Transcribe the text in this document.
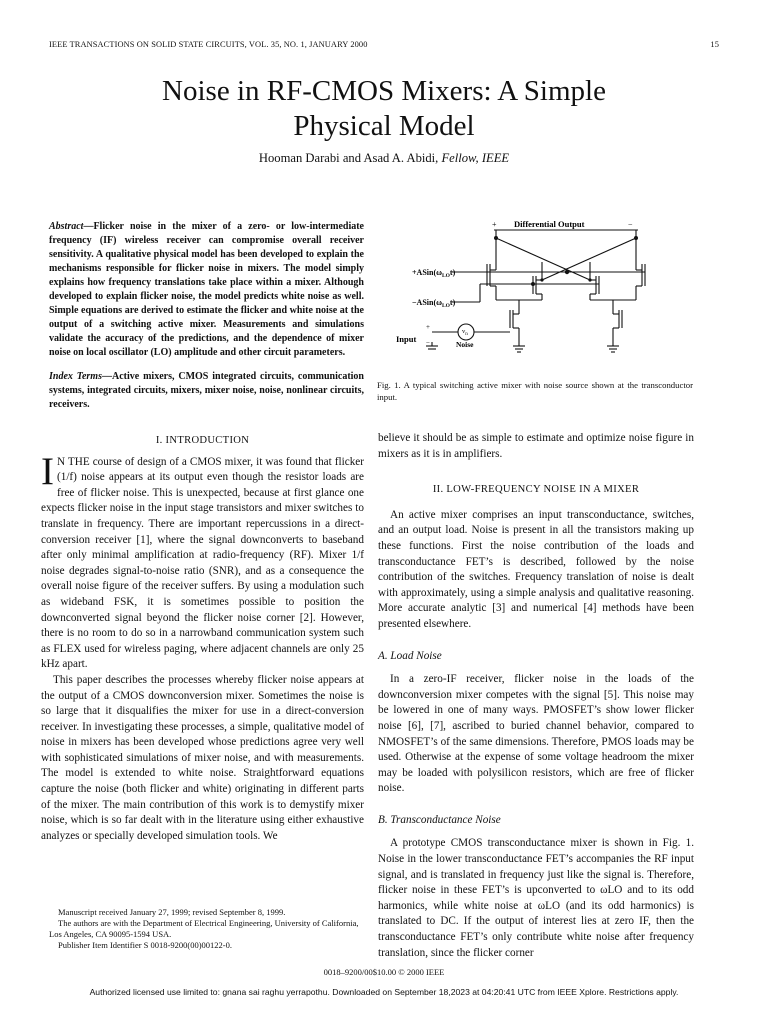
IEEE TRANSACTIONS ON SOLID STATE CIRCUITS, VOL. 35, NO. 1, JANUARY 2000	15
Noise in RF-CMOS Mixers: A Simple
Physical Model
Hooman Darabi and Asad A. Abidi, Fellow, IEEE
Abstract—Flicker noise in the mixer of a zero- or low-intermediate frequency (IF) wireless receiver can compromise overall receiver sensitivity. A qualitative physical model has been developed to explain the mechanisms responsible for flicker noise in mixers. The model simply explains how frequency translations take place within a mixer. Although developed to explain flicker noise, the model predicts white noise as well. Simple equations are derived to estimate the flicker and white noise at the output of a switching active mixer. Measurements and simulations validate the accuracy of the predictions, and the dependence of mixer noise on local oscillator (LO) amplitude and other circuit parameters.
Index Terms—Active mixers, CMOS integrated circuits, communication systems, integrated circuits, mixers, mixer noise, noise, nonlinear circuits, receivers.
$v_n$
+ Differential Output	−
$+ASin(\omega_{LO}t)$
$-ASin(\omega_{LO}t)$
+
−
Input
Noise
Fig. 1. A typical switching active mixer with noise source shown at the transconductor input.
I. INTRODUCTION

I N THE course of design of a CMOS mixer, it was found that flicker (1/f) noise appears at its output even though the resistor loads are free of flicker noise. This is unexpected, because at first glance one expects flicker noise in the input stage transistors and mixer switches to translate in frequency. There are important repercussions in a direct-conversion receiver [1], where the signal downconverts to baseband after only minimal amplification at radio-frequency (RF). Mixer 1/f noise degrades signal-to-noise ratio (SNR), and as a consequence the overall noise figure of the receiver suffers. By using a modulation such as wideband FSK, it is sometimes possible to position the downconverted signal beyond the flicker noise corner [2]. However, there is no room to do so in a narrowband communication system such as FLEX used for wireless paging, where adjacent channels are only 25 kHz apart.

This paper describes the processes whereby flicker noise appears at the output of a CMOS downconversion mixer. Sometimes the noise is so large that it disqualifies the mixer for use in a direct-conversion receiver. In investigating these processes, a simple, qualitative model of noise in mixers has been developed whose predictions agree very well with sophisticated simulations of mixer noise, and with measurements. The model is extended to white noise. Straightforward equations capture the noise (both flicker and white) originating in different parts of the mixer. The main contribution of this work is to demystify mixer noise, which is so far dealt with in the literature using either exhaustive analyzes or specially developed simulation tools. We

believe it should be as simple to estimate and optimize noise figure in mixers as it is in amplifiers.

II. LOW-FREQUENCY NOISE IN A MIXER

An active mixer comprises an input transconductance, switches, and an output load. Noise is present in all the transistors making up these functions. First the noise contribution of the loads and transconductance FET’s is described, followed by the noise contribution of the switches. Frequency translation of noise is dealt with approximately, using a simple analysis and qualitative reasoning. More accurate analytic [3] and numerical [4] methods have been presented elsewhere.

A. Load Noise

In a zero-IF receiver, flicker noise in the loads of the downconversion mixer competes with the signal [5]. This noise may be lowered in one of many ways. PMOSFET’s show lower flicker noise [6], [7], ascribed to buried channel behavior, compared to NMOSFET’s of the same dimensions. Therefore, PMOS loads may be used. Otherwise at the expense of some voltage headroom the mixer may be loaded with polysilicon resistors, which are free of flicker noise.

B. Transconductance Noise

A prototype CMOS transconductance mixer is shown in Fig. 1. Noise in the lower transconductance FET’s accompanies the RF input signal, and is translated in frequency just like the signal is. Therefore, flicker noise in these FET’s is upconverted to ωLO and to its odd harmonics, while white noise at ωLO (and its odd harmonics) is translated to DC. If the output of interest lies at zero IF, then the transconductance FET’s only contribute white noise after frequency translation, since the flicker corner

Manuscript received January 27, 1999; revised September 8, 1999.

The authors are with the Department of Electrical Engineering, University of California, Los Angeles, CA 90095-1594 USA.

Publisher Item Identifier S 0018-9200(00)00122-0.

0018–9200/00$10.00 © 2000 IEEE
Authorized licensed use limited to: gnana sai raghu yerrapothu. Downloaded on September 18,2023 at 04:20:41 UTC from IEEE Xplore. Restrictions apply.
